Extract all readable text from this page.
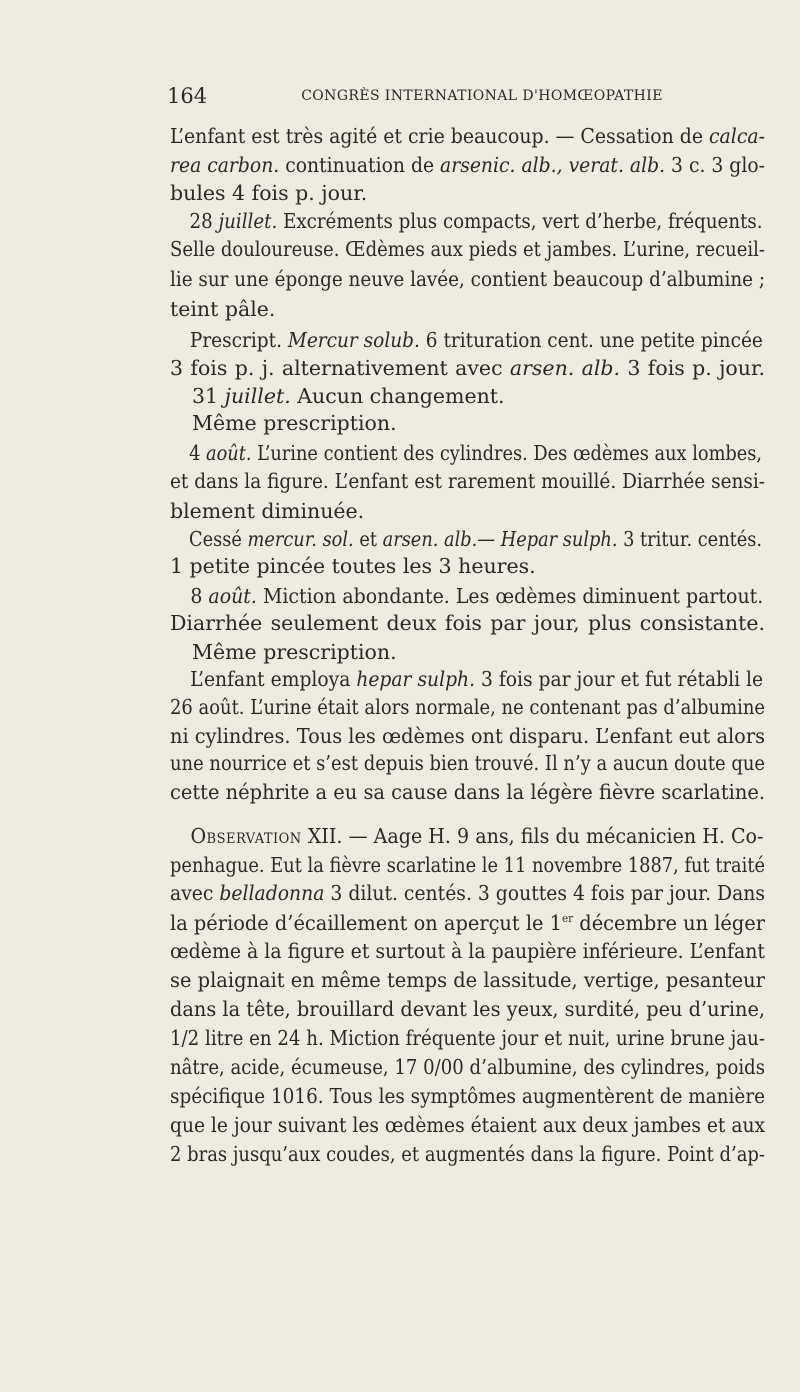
164	CONGRÈS INTERNATIONAL D'HOMŒOPATHIE
L’enfant est très agité et crie beaucoup. — Cessation de calca-
rea carbon. continuation de arsenic. alb., verat. alb. 3 c. 3 glo-
bules 4 fois p. jour.
28 juillet. Excréments plus compacts, vert d’herbe, fréquents.
Selle douloureuse. Œdèmes aux pieds et jambes. L’urine, recueil-
lie sur une éponge neuve lavée, contient beaucoup d’albumine ;
teint pâle.
Prescript. Mercur solub. 6 trituration cent. une petite pincée
3 fois p. j. alternativement avec arsen. alb. 3 fois p. jour.
31 juillet. Aucun changement.
Même prescription.
4 août. L’urine contient des cylindres. Des œdèmes aux lombes,
et dans la figure. L’enfant est rarement mouillé. Diarrhée sensi-
blement diminuée.
Cessé mercur. sol. et arsen. alb.— Hepar sulph. 3 tritur. centés.
1 petite pincée toutes les 3 heures.
8 août. Miction abondante. Les œdèmes diminuent partout.
Diarrhée seulement deux fois par jour, plus consistante.
Même prescription.
L’enfant employa hepar sulph. 3 fois par jour et fut rétabli le
26 août. L’urine était alors normale, ne contenant pas d’albumine
ni cylindres. Tous les œdèmes ont disparu. L’enfant eut alors
une nourrice et s’est depuis bien trouvé. Il n’y a aucun doute que
cette néphrite a eu sa cause dans la légère fièvre scarlatine.
Observation XII. — Aage H. 9 ans, fils du mécanicien H. Co-
penhague. Eut la fièvre scarlatine le 11 novembre 1887, fut traité
avec belladonna 3 dilut. centés. 3 gouttes 4 fois par jour. Dans
la période d’écaillement on aperçut le 1er décembre un léger
œdème à la figure et surtout à la paupière inférieure. L’enfant
se plaignait en même temps de lassitude, vertige, pesanteur
dans la tête, brouillard devant les yeux, surdité, peu d’urine,
1/2 litre en 24 h. Miction fréquente jour et nuit, urine brune jau-
nâtre, acide, écumeuse, 17 0/00 d’albumine, des cylindres, poids
spécifique 1016. Tous les symptômes augmentèrent de manière
que le jour suivant les œdèmes étaient aux deux jambes et aux
2 bras jusqu’aux coudes, et augmentés dans la figure. Point d’ap-
